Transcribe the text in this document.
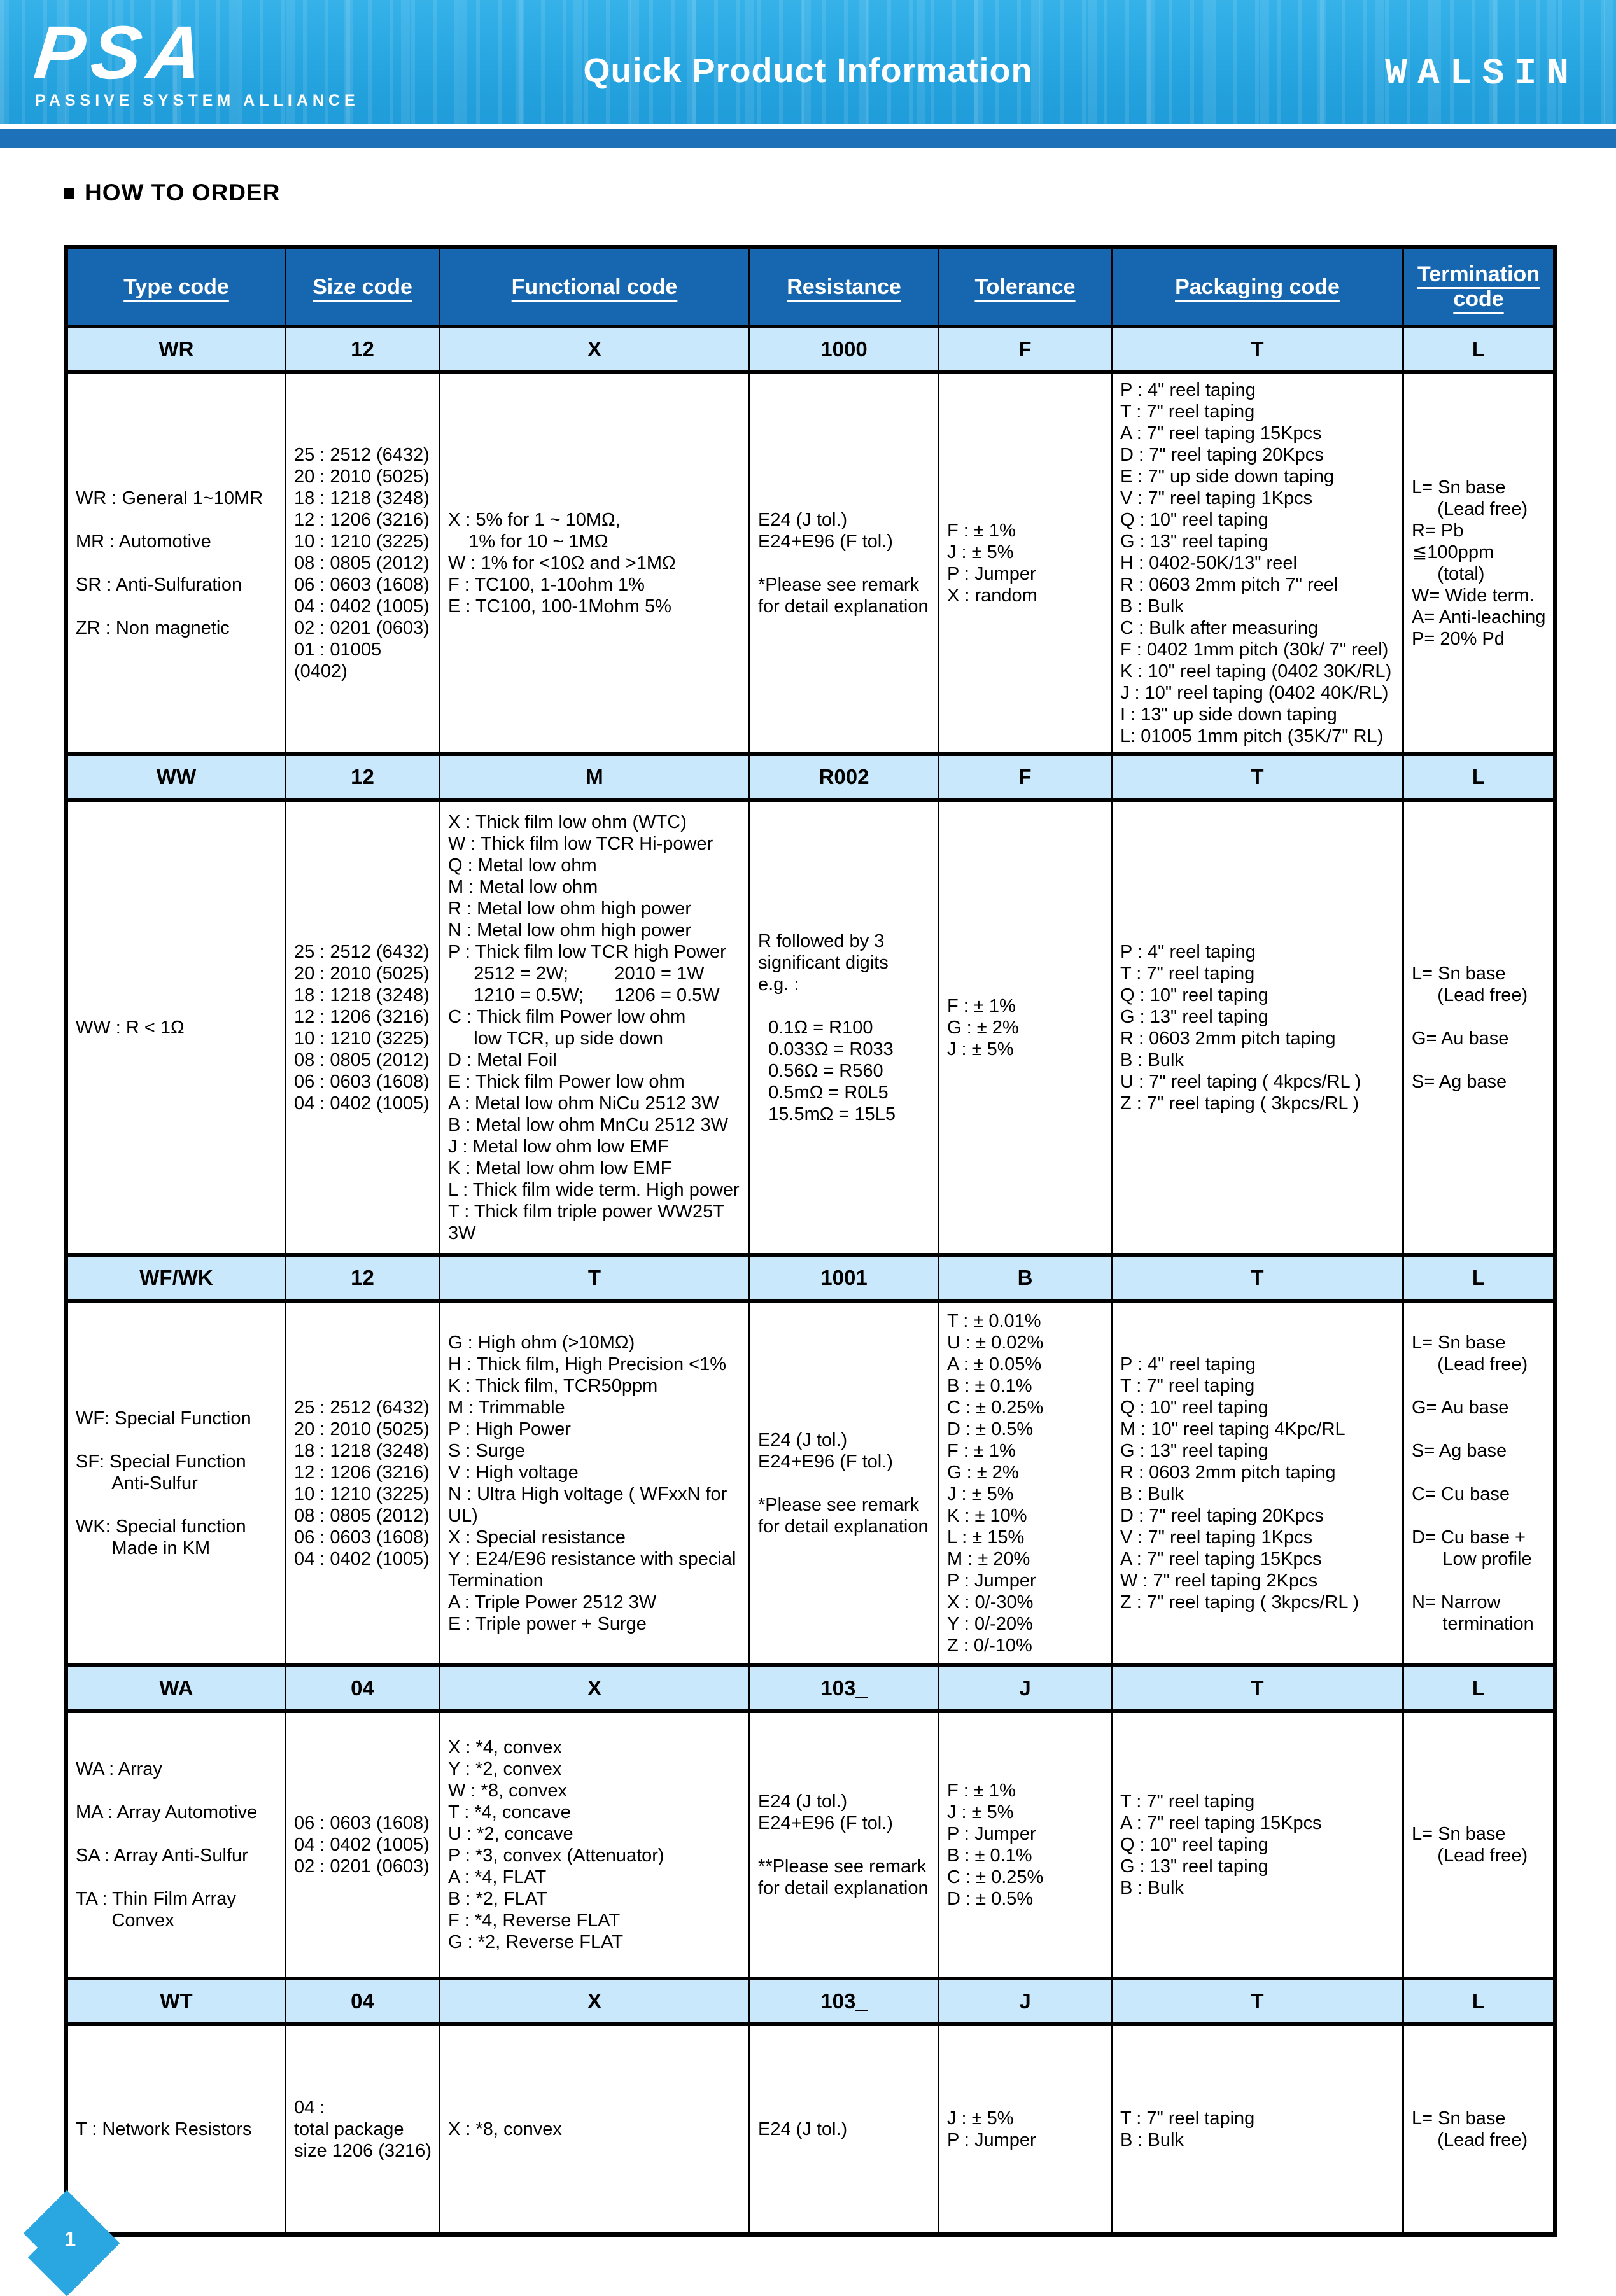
PSA
PASSIVE SYSTEM ALLIANCE
Quick Product Information	WALSIN
HOW TO ORDER
Type code	Size code	Functional code	Resistance	Tolerance	Packaging code	Termination code
WR	12	X	1000	F	T	L

WR : General 1~10MR
MR : Automotive
SR : Anti-Sulfuration
ZR : Non magnetic

25 : 2512 (6432)
20 : 2010 (5025)
18 : 1218 (3248)
12 : 1206 (3216)
10 : 1210 (3225)
08 : 0805 (2012)
06 : 0603 (1608)
04 : 0402 (1005)
02 : 0201 (0603)
01 : 01005 (0402)

X : 5% for 1 ~ 10MΩ,
1% for 10 ~ 1MΩ
W : 1% for <10Ω and >1MΩ
F : TC100, 1-10ohm 1%
E : TC100, 100-1Mohm 5%

E24 (J tol.)
E24+E96 (F tol.)
*Please see remark for detail explanation

F : ± 1%
J : ± 5%
P : Jumper
X : random

P : 4" reel taping
T : 7" reel taping
A : 7" reel taping 15Kpcs
D : 7" reel taping 20Kpcs
E : 7" up side down taping
V : 7" reel taping 1Kpcs
Q : 10" reel taping
G : 13" reel taping
H : 0402-50K/13" reel
R : 0603 2mm pitch 7" reel
B : Bulk
C : Bulk after measuring
F : 0402 1mm pitch (30k/ 7" reel)
K : 10" reel taping (0402 30K/RL)
J : 10" reel taping (0402 40K/RL)
I : 13" up side down taping
L: 01005 1mm pitch (35K/7" RL)

L= Sn base
(Lead free)
R= Pb  ≦100ppm
(total)
W= Wide term.
A= Anti-leaching
P= 20% Pd

WW	12	M	R002	F	T	L

WW : R < 1Ω

25 : 2512 (6432)
20 : 2010 (5025)
18 : 1218 (3248)
12 : 1206 (3216)
10 : 1210 (3225)
08 : 0805 (2012)
06 : 0603 (1608)
04 : 0402 (1005)

X : Thick film low ohm (WTC)
W : Thick film low TCR Hi-power
Q : Metal low ohm
M : Metal low ohm
R : Metal low ohm high power
N : Metal low ohm high power
P : Thick film low TCR high Power
2512 = 2W;         2010 = 1W
1210 = 0.5W;      1206 = 0.5W
C : Thick film Power low ohm
low TCR, up side down
D : Metal Foil
E : Thick film Power low ohm
A : Metal low ohm NiCu 2512 3W
B : Metal low ohm MnCu 2512 3W
J : Metal low ohm low EMF
K : Metal low ohm low EMF
L : Thick film wide term. High power
T : Thick film triple power WW25T 3W

R followed by 3
significant digits
e.g. :
0.1Ω = R100
0.033Ω = R033
0.56Ω = R560
0.5mΩ = R0L5
15.5mΩ = 15L5

F : ± 1%
G : ± 2%
J : ± 5%

P : 4" reel taping
T : 7" reel taping
Q : 10" reel taping
G : 13" reel taping
R : 0603 2mm pitch taping
B : Bulk
U : 7" reel taping ( 4kpcs/RL )
Z : 7" reel taping ( 3kpcs/RL )

L= Sn base
(Lead free)
G= Au base
S= Ag base

WF/WK	12	T	1001	B	T	L

WF: Special Function
SF: Special Function
Anti-Sulfur
WK: Special function
Made in KM

25 : 2512 (6432)
20 : 2010 (5025)
18 : 1218 (3248)
12 : 1206 (3216)
10 : 1210 (3225)
08 : 0805 (2012)
06 : 0603 (1608)
04 : 0402 (1005)

G : High ohm (>10MΩ)
H : Thick film, High Precision <1%
K : Thick film, TCR50ppm
M : Trimmable
P : High Power
S : Surge
V : High voltage
N : Ultra High voltage ( WFxxN for UL)
X : Special resistance
Y : E24/E96 resistance with special
Termination
A : Triple Power 2512 3W
E : Triple power + Surge

E24 (J tol.)
E24+E96 (F tol.)
*Please see remark for detail explanation

T : ± 0.01%
U : ± 0.02%
A : ± 0.05%
B : ± 0.1%
C : ± 0.25%
D : ± 0.5%
F : ± 1%
G : ± 2%
J : ± 5%
K : ± 10%
L : ± 15%
M : ± 20%
P : Jumper
X : 0/-30%
Y : 0/-20%
Z : 0/-10%

P : 4" reel taping
T : 7" reel taping
Q : 10" reel taping
M : 10" reel taping 4Kpc/RL
G : 13" reel taping
R : 0603 2mm pitch taping
B : Bulk
D : 7" reel taping 20Kpcs
V : 7" reel taping 1Kpcs
A : 7" reel taping 15Kpcs
W : 7" reel taping 2Kpcs
Z : 7" reel taping ( 3kpcs/RL )

L= Sn base
(Lead free)
G= Au base
S= Ag base
C= Cu base
D= Cu base +
Low profile
N= Narrow
termination

WA	04	X	103_	J	T	L

WA : Array
MA : Array Automotive
SA : Array Anti-Sulfur
TA : Thin Film Array
Convex

06 : 0603 (1608)
04 : 0402 (1005)
02 : 0201 (0603)

X : *4, convex
Y : *2, convex
W : *8, convex
T : *4, concave
U : *2, concave
P : *3, convex (Attenuator)
A : *4, FLAT
B : *2, FLAT
F : *4, Reverse FLAT
G : *2, Reverse FLAT

E24 (J tol.)
E24+E96 (F tol.)
**Please see remark
for detail explanation

F : ± 1%
J : ± 5%
P : Jumper
B : ± 0.1%
C : ± 0.25%
D : ± 0.5%

T : 7" reel taping
A : 7" reel taping 15Kpcs
Q : 10" reel taping
G : 13" reel taping
B : Bulk

L= Sn base
(Lead free)

WT	04	X	103_	J	T	L

T : Network Resistors

04 :
total package
size 1206 (3216)

X : *8, convex	E24 (J tol.)

J : ± 5%
P : Jumper

T : 7" reel taping
B : Bulk

L= Sn base
(Lead free)
1
